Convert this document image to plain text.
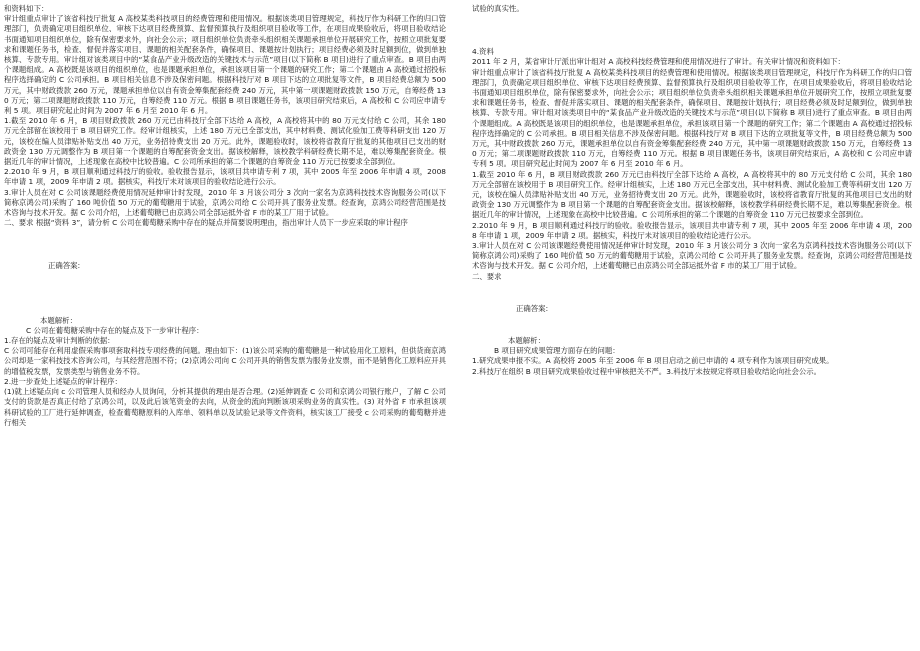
和资料如下：

审计组重点审计了该省科技厅批复 A 高校某类科技项目的经费管理和使用情况。根据该类项目管理规定，科技厅作为科研工作的归口管理部门，负责确定项目组织单位、审核下达项目经费预算、监督预算执行及组织项目验收等工作，在项目成果验收后，将项目验收结论书面通知项目组织单位，除有保密要求外，向社会公示；项目组织单位负责牵头组织相关课题承担单位开展研究工作，按照立项批复要求和课题任务书，检查、督促并落实项目、课题的相关配套条件，确保项目、课题按计划执行；项目经费必须及时足额到位，做到单独核算、专款专用。审计组对该类项目中的“某食品产业升级改造的关键技术与示范”项目(以下简称 B 项目)进行了重点审查。B 项目由两个课题组成。A 高校既是该项目的组织单位，也是课题承担单位，承担该项目第一个课题的研究工作；第二个课题由 A 高校通过招投标程序选择确定的 C 公司承担。B 项目相关信息不涉及保密问题。根据科技厅对 B 项目下达的立项批复等文件，B 项目经费总额为 500 万元，其中财政拨款 260 万元，课题承担单位以自有资金筹集配套经费 240 万元，其中第一项课题财政拨款 150 万元，自筹经费 130 万元；第二项课题财政拨款 110 万元，自筹经费 110 万元。根据 B 项目课题任务书，该项目研究结束后，A 高校和 C 公司应申请专利 5 项。项目研究起止时间为 2007 年 6 月至 2010 年 6 月。

1.截至 2010 年 6 月，B 项目财政拨款 260 万元已由科技厅全部下达给 A 高校，A 高校将其中的 80 万元支付给 C 公司，其余 180 万元全部留在该校用于 B 项目研究工作。经审计组核实，上述 180 万元已全部支出，其中材料费、测试化验加工费等科研支出 120 万元，该校在编人员津贴补贴支出 40 万元，业务招待费支出 20 万元。此外，课题验收时，该校将省教育厅批复的其他项目已支出的财政资金 130 万元调整作为 B 项目第一个课题的自筹配套资金支出。据该校解释，该校教学科研经费长期不足，难以筹集配套资金。根据近几年的审计情况，上述现象在高校中比较普遍。C 公司所承担的第二个课题的自筹资金 110 万元已按要求全部到位。

2.2010 年 9 月，B 项目顺利通过科技厅的验收。验收报告显示，该项目共申请专利 7 项，其中 2005 年至 2006 年申请 4 项，2008 年申请 1 项，2009 年申请 2 项。据核实，科技厅未对该项目的验收结论进行公示。

3.审计人员在对 C 公司该课题经费使用情况延伸审计时发现，2010 年 3 月该公司分 3 次向一家名为京鸿科技技术咨询服务公司(以下简称京鸿公司)采购了 160 吨价值 50 万元的葡萄糖用于试验，京鸿公司给 C 公司开具了服务业发票。经查询，京鸿公司经营范围是技术咨询与技术开发。据 C 公司介绍，上述葡萄糖已由京鸿公司全部运抵外省 F 市的某工厂用于试验。

二、要求 根据“资料 3”，请分析 C 公司在葡萄糖采购中存在的疑点并简要说明理由，指出审计人员下一步应采取的审计程序

正确答案:

本题解析：

C 公司在葡萄糖采购中存在的疑点及下一步审计程序：

1.存在的疑点及审计判断的依据：

C 公司可能存在利用虚假采购事项套取科技专项经费的问题。理由如下：(1)该公司采购的葡萄糖是一种试验用化工原料，但供货商京鸿公司却是一家科技技术咨询公司，与其经营范围不符；(2)京鸿公司向 C 公司开具的销售发票为服务业发票，而不是销售化工原料应开具的增值税发票，发票类型与销售业务不符。

2.进一步查处上述疑点的审计程序：

(1)就上述疑点向 c 公司管理人员和经办人员询问，分析其提供的理由是否合理。(2)延伸调查 C 公司和京鸿公司银行账户，了解 C 公司支付的货款是否真正付给了京鸿公司，以及此后该笔资金的去向，从资金的流向判断该项采购业务的真实性。(3) 对外省 F 市承担该项科研试验的工厂进行延伸调查，检查葡萄糖原料的入库单、领料单以及试验记录等文件资料，核实该工厂接受 c 公司采购的葡萄糖并进行相关

试验的真实性。

4.资料

2011 年 2 月，某省审计厅派出审计组对 A 高校科技经费管理和使用情况进行了审计。有关审计情况和资料如下：

审计组重点审计了该省科技厅批复 A 高校某类科技项目的经费管理和使用情况。根据该类项目管理规定，科技厅作为科研工作的归口管理部门，负责确定项目组织单位、审核下达项目经费预算、监督预算执行及组织项目验收等工作，在项目成果验收后，将项目验收结论书面通知项目组织单位，除有保密要求外，向社会公示；项目组织单位负责牵头组织相关课题承担单位开展研究工作，按照立项批复要求和课题任务书，检查、督促并落实项目、课题的相关配套条件，确保项目、课题按计划执行；项目经费必须及时足额到位，做到单独核算、专款专用。审计组对该类项目中的“某食品产业升级改造的关键技术与示范”项目(以下简称 B 项目)进行了重点审查。B 项目由两个课题组成。A 高校既是该项目的组织单位，也是课题承担单位，承担该项目第一个课题的研究工作；第二个课题由 A 高校通过招投标程序选择确定的 C 公司承担。B 项目相关信息不涉及保密问题。根据科技厅对 B 项目下达的立项批复等文件，B 项目经费总额为 500 万元，其中财政拨款 260 万元，课题承担单位以自有资金筹集配套经费 240 万元，其中第一项课题财政拨款 150 万元，自筹经费 130 万元；第二项课题财政拨款 110 万元，自筹经费 110 万元。根据 B 项目课题任务书，该项目研究结束后，A 高校和 C 公司应申请专利 5 项。项目研究起止时间为 2007 年 6 月至 2010 年 6 月。

1.截至 2010 年 6 月，B 项目财政拨款 260 万元已由科技厅全部下达给 A 高校，A 高校将其中的 80 万元支付给 C 公司，其余 180 万元全部留在该校用于 B 项目研究工作。经审计组核实，上述 180 万元已全部支出，其中材料费、测试化验加工费等科研支出 120 万元，该校在编人员津贴补贴支出 40 万元，业务招待费支出 20 万元。此外，课题验收时，该校将省教育厅批复的其他项目已支出的财政资金 130 万元调整作为 B 项目第一个课题的自筹配套资金支出。据该校解释，该校教学科研经费长期不足，难以筹集配套资金。根据近几年的审计情况，上述现象在高校中比较普遍。C 公司所承担的第二个课题的自筹资金 110 万元已按要求全部到位。

2.2010 年 9 月，B 项目顺利通过科技厅的验收。验收报告显示，该项目共申请专利 7 项，其中 2005 年至 2006 年申请 4 项，2008 年申请 1 项，2009 年申请 2 项。据核实，科技厅未对该项目的验收结论进行公示。

3.审计人员在对 C 公司该课题经费使用情况延伸审计时发现，2010 年 3 月该公司分 3 次向一家名为京鸿科技技术咨询服务公司(以下简称京鸿公司)采购了 160 吨价值 50 万元的葡萄糖用于试验，京鸿公司给 C 公司开具了服务业发票。经查询，京鸿公司经营范围是技术咨询与技术开发。据 C 公司介绍，上述葡萄糖已由京鸿公司全部运抵外省 F 市的某工厂用于试验。

二、要求

正确答案:

本题解析：

B 项目研究成果管理方面存在的问题：

1.研究成果申报不实。A 高校将 2005 年至 2006 年 B 项目启动之前已申请的 4 项专利作为该项目研究成果。

2.科技厅在组织 B 项目研究成果验收过程中审核把关不严。3.科技厅未按规定将项目验收结论向社会公示。
